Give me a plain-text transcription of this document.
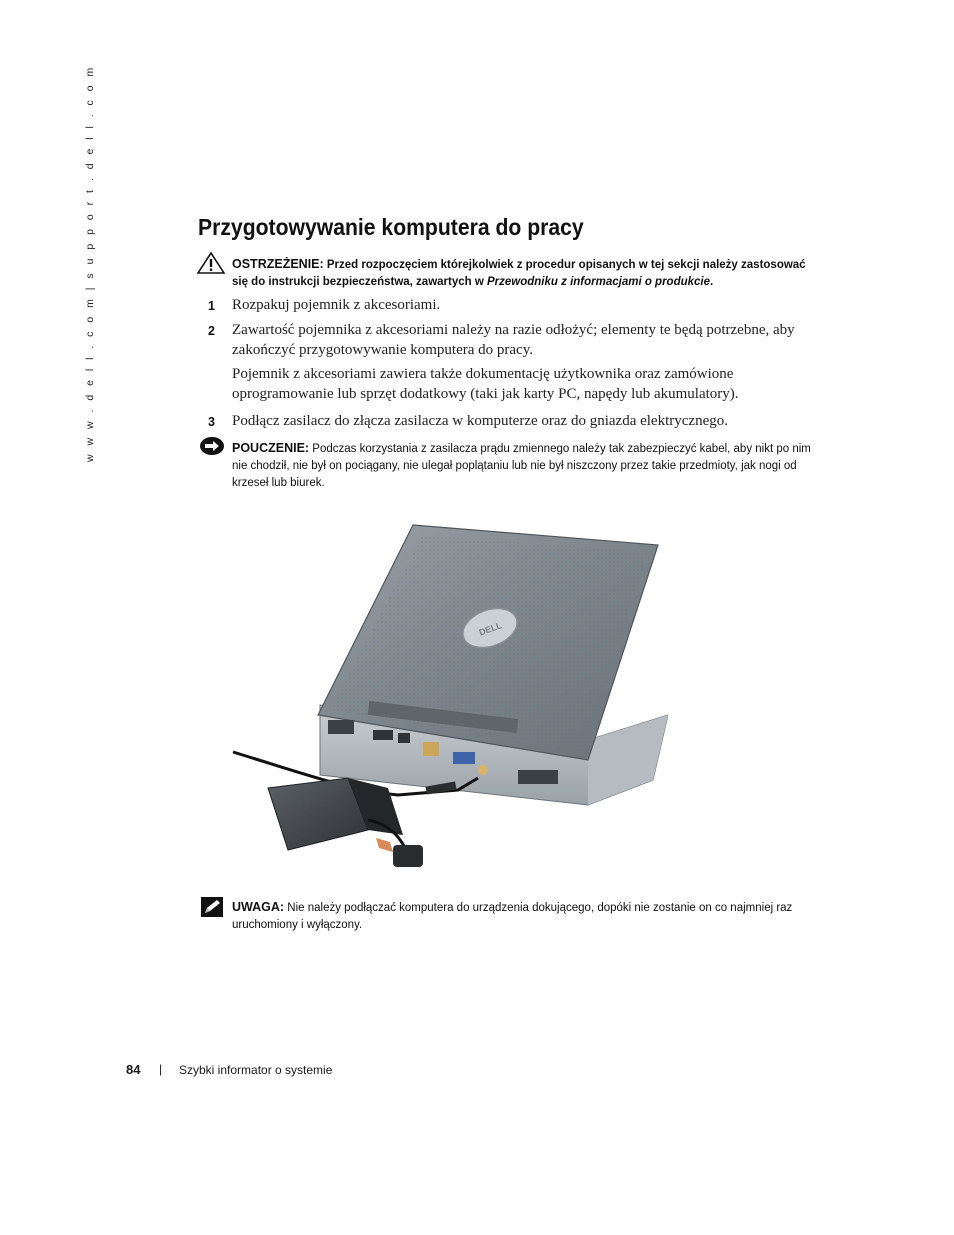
w w w . d e l l . c o m | s u p p o r t . d e l l . c o m	Przygotowywanie komputera do pracy
OSTRZEŻENIE: Przed rozpoczęciem którejkolwiek z procedur opisanych w tej sekcji należy zastosować się do instrukcji bezpieczeństwa, zawartych w Przewodniku z informacjami o produkcie.
1 Rozpakuj pojemnik z akcesoriami.
2 Zawartość pojemnika z akcesoriami należy na razie odłożyć; elementy te będą potrzebne, aby zakończyć przygotowywanie komputera do pracy.
Pojemnik z akcesoriami zawiera także dokumentację użytkownika oraz zamówione oprogramowanie lub sprzęt dodatkowy (taki jak karty PC, napędy lub akumulatory).
3 Podłącz zasilacz do złącza zasilacza w komputerze oraz do gniazda elektrycznego.
POUCZENIE: Podczas korzystania z zasilacza prądu zmiennego należy tak zabezpieczyć kabel, aby nikt po nim nie chodził, nie był on pociągany, nie ulegał poplątaniu lub nie był niszczony przez takie przedmioty, jak nogi od krzeseł lub biurek.
DELL
UWAGA: Nie należy podłączać komputera do urządzenia dokującego, dopóki nie zostanie on co najmniej raz uruchomiony i wyłączony.
84 | Szybki informator o systemie
